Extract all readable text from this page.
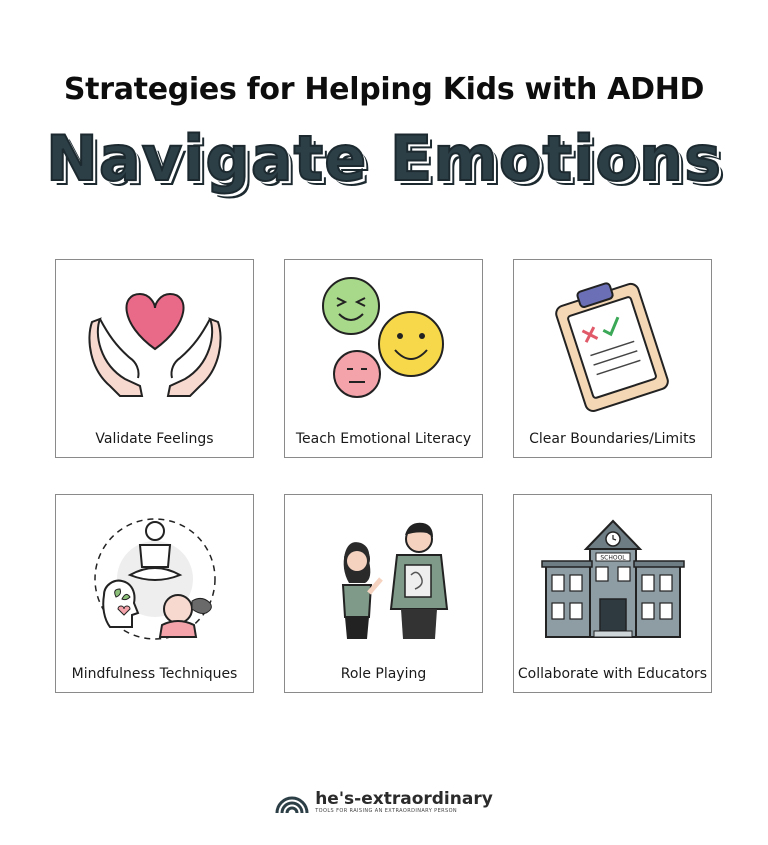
Strategies for Helping Kids with ADHD
Navigate Emotions
Validate Feelings	Teach Emotional Literacy	Clear Boundaries/Limits
Mindfulness Techniques	Role Playing
SCHOOL
Collaborate with Educators
he's-extraordinary
TOOLS FOR RAISING AN EXTRAORDINARY PERSON
